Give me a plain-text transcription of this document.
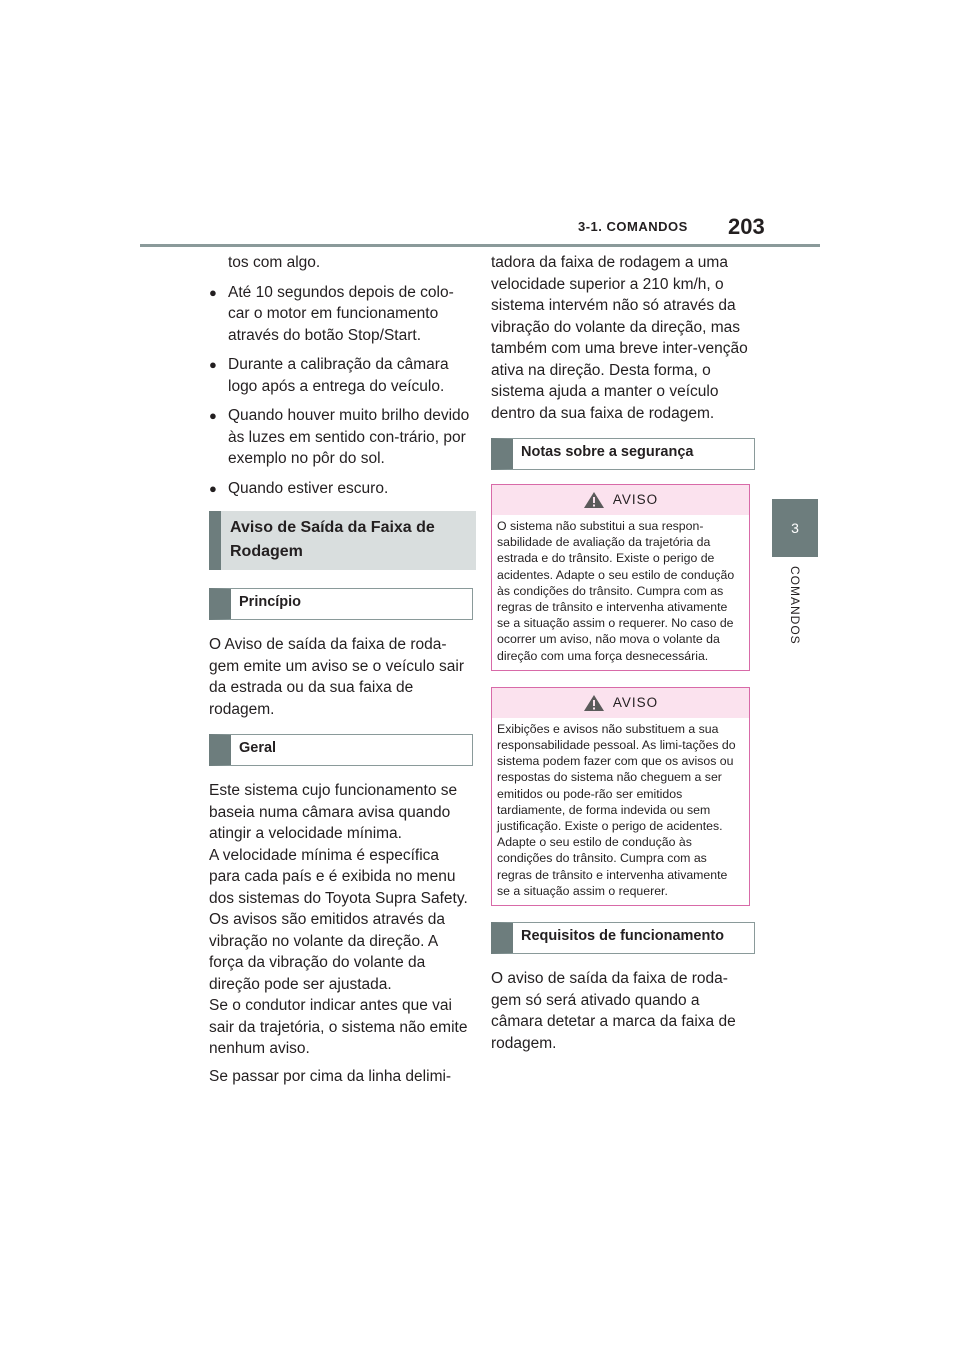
3-1. COMANDOS 203
3
COMANDOS

tos com algo.

● Até 10 segundos depois de colo-car o motor em funcionamento através do botão Stop/Start.

● Durante a calibração da câmara logo após a entrega do veículo.

● Quando houver muito brilho devido às luzes em sentido con-trário, por exemplo no pôr do sol.

● Quando estiver escuro.

Aviso de Saída da Faixa de Rodagem
Princípio

O Aviso de saída da faixa de roda-gem emite um aviso se o veículo sair da estrada ou da sua faixa de rodagem.

Geral

Este sistema cujo funcionamento se baseia numa câmara avisa quando atingir a velocidade mínima.

A velocidade mínima é específica para cada país e é exibida no menu dos sistemas do Toyota Supra Safety.

Os avisos são emitidos através da vibração no volante da direção. A força da vibração do volante da direção pode ser ajustada.

Se o condutor indicar antes que vai sair da trajetória, o sistema não emite nenhum aviso.

Se passar por cima da linha delimi-

tadora da faixa de rodagem a uma velocidade superior a 210 km/h, o sistema intervém não só através da vibração do volante da direção, mas também com uma breve inter-venção ativa na direção. Desta forma, o sistema ajuda a manter o veículo dentro da sua faixa de rodagem.

Notas sobre a segurança
AVISO
O sistema não substitui a sua respon-sabilidade de avaliação da trajetória da estrada e do trânsito. Existe o perigo de acidentes. Adapte o seu estilo de condução às condições do trânsito. Cumpra com as regras de trânsito e intervenha ativamente se a situação assim o requerer. No caso de ocorrer um aviso, não mova o volante da direção com uma força desnecessária.
AVISO
Exibições e avisos não substituem a sua responsabilidade pessoal. As limi-tações do sistema podem fazer com que os avisos ou respostas do sistema não cheguem a ser emitidos ou pode-rão ser emitidos tardiamente, de forma indevida ou sem justificação. Existe o perigo de acidentes. Adapte o seu estilo de condução às condições do trânsito. Cumpra com as regras de trânsito e intervenha ativamente se a situação assim o requerer.
Requisitos de funcionamento

O aviso de saída da faixa de roda-gem só será ativado quando a câmara detetar a marca da faixa de rodagem.
